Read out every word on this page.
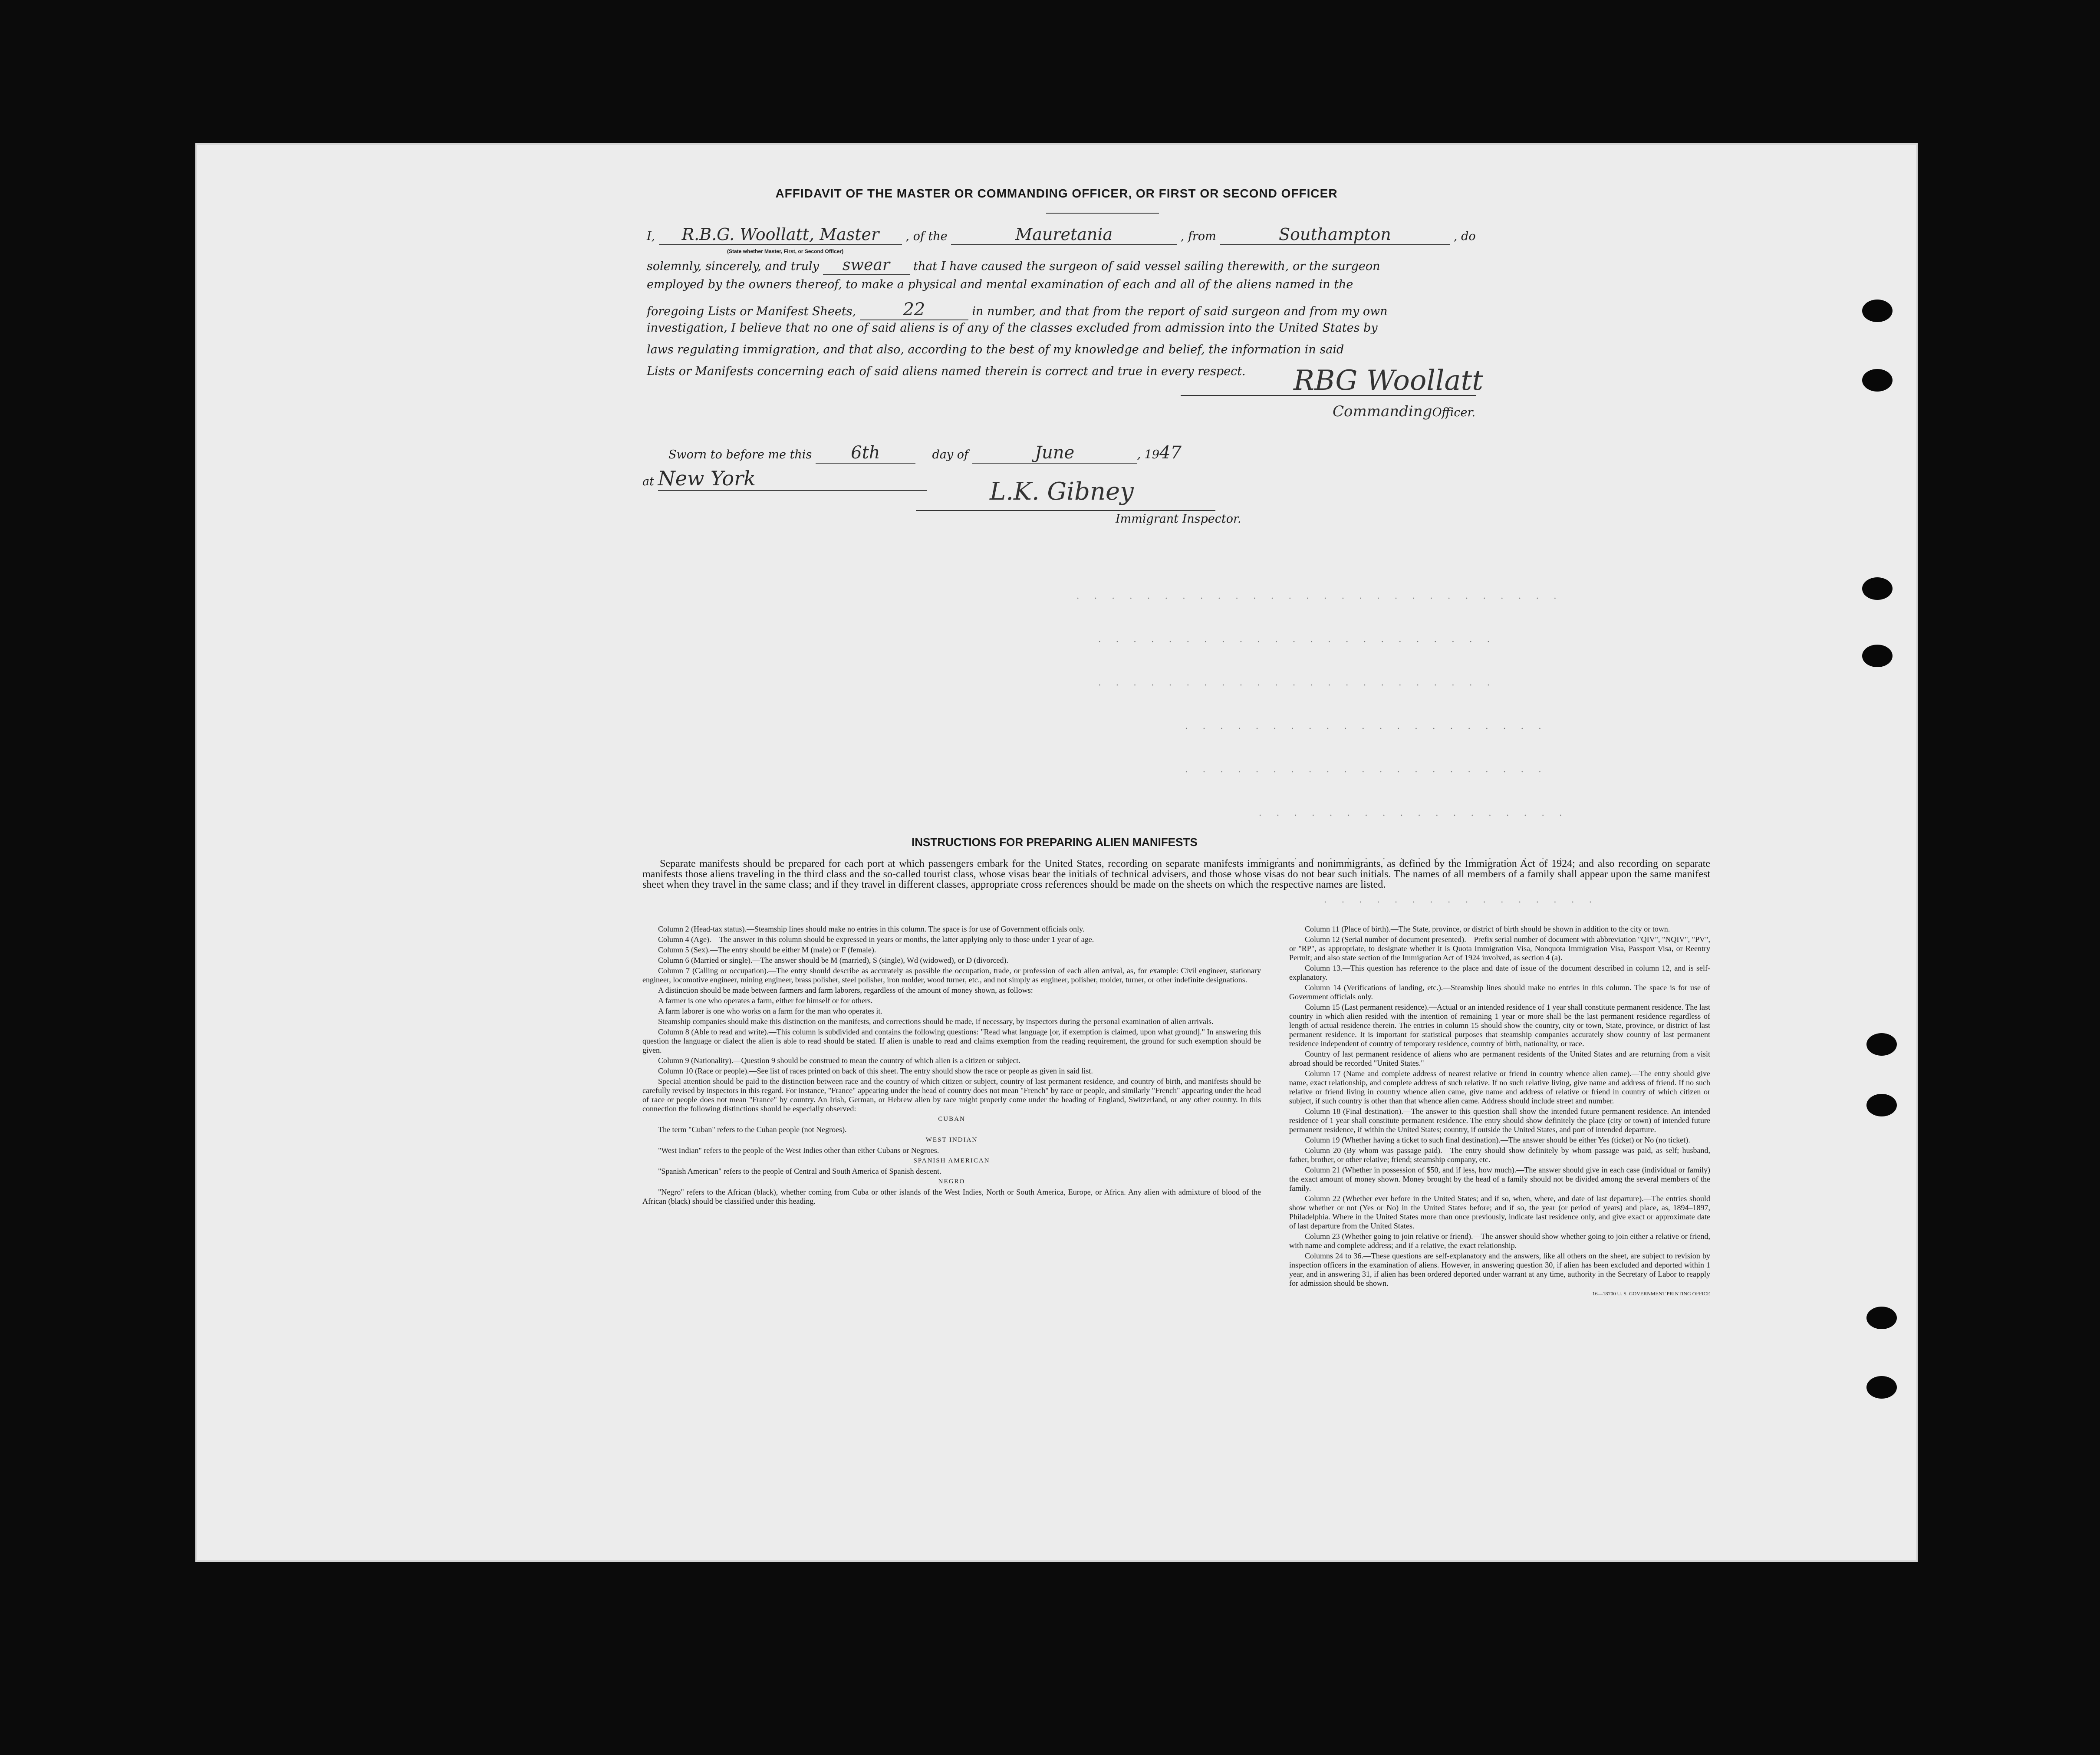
AFFIDAVIT OF THE MASTER OR COMMANDING OFFICER, OR FIRST OR SECOND OFFICER
I, R.B.G. Woollatt, Master , of the	Mauretania	, from	Southampton	, do
(State whether Master, First, or Second Officer)
solemnly, sincerely, and truly swear that I have caused the surgeon of said vessel sailing therewith, or the surgeon
employed by the owners thereof, to make a physical and mental examination of each and all of the aliens named in the
foregoing Lists or Manifest Sheets,	22	in number, and that from the report of said surgeon and from my own
investigation, I believe that no one of said aliens is of any of the classes excluded from admission into the United States by
laws regulating immigration, and that also, according to the best of my knowledge and belief, the information in said
Lists or Manifests concerning each of said aliens named therein is correct and true in every respect. RBG Woollatt
CommandingOfficer.
Sworn to before me this 6th	day of	June	, 1947
at New York	L.K. Gibney
Immigrant Inspector.
. . . . . . . . . . . . . . . . . . . . . . . . . . . .
. . . . . . . . . . . . . . . . . . . . . . .
. . . . . . . . . . . . . . . . . . . . . . .
. . . . . . . . . . . . . . . . . . . . .
. . . . . . . . . . . . . . . . . . . . .
. . . . . . . . . . . . . . . . . .
. . . . . . . . . . . . . . . . . .
. . . . . . . . . . . . . . . .
INSTRUCTIONS FOR PREPARING ALIEN MANIFESTS
Separate manifests should be prepared for each port at which passengers embark for the United States, recording on separate manifests immigrants and nonimmigrants, as defined by the Immigration Act of 1924; and also recording on separate manifests those aliens traveling in the third class and the so-called tourist class, whose visas bear the initials of technical advisers, and those whose visas do not bear such initials. The names of all members of a family shall appear upon the same manifest sheet when they travel in the same class; and if they travel in different classes, appropriate cross references should be made on the sheets on which the respective names are listed.

Column 2 (Head-tax status).—Steamship lines should make no entries in this column. The space is for use of Government officials only.

Column 4 (Age).—The answer in this column should be expressed in years or months, the latter applying only to those under 1 year of age.

Column 5 (Sex).—The entry should be either M (male) or F (female).

Column 6 (Married or single).—The answer should be M (married), S (single), Wd (widowed), or D (divorced).

Column 7 (Calling or occupation).—The entry should describe as accurately as possible the occupation, trade, or profession of each alien arrival, as, for example: Civil engineer, stationary engineer, locomotive engineer, mining engineer, brass polisher, steel polisher, iron molder, wood turner, etc., and not simply as engineer, polisher, molder, turner, or other indefinite designations.

A distinction should be made between farmers and farm laborers, regardless of the amount of money shown, as follows:

A farmer is one who operates a farm, either for himself or for others.

A farm laborer is one who works on a farm for the man who operates it.

Steamship companies should make this distinction on the manifests, and corrections should be made, if necessary, by inspectors during the personal examination of alien arrivals.

Column 8 (Able to read and write).—This column is subdivided and contains the following questions: "Read what language [or, if exemption is claimed, upon what ground]." In answering this question the language or dialect the alien is able to read should be stated. If alien is unable to read and claims exemption from the reading requirement, the ground for such exemption should be given.

Column 9 (Nationality).—Question 9 should be construed to mean the country of which alien is a citizen or subject.

Column 10 (Race or people).—See list of races printed on back of this sheet. The entry should show the race or people as given in said list.

Special attention should be paid to the distinction between race and the country of which citizen or subject, country of last permanent residence, and country of birth, and manifests should be carefully revised by inspectors in this regard. For instance, "France" appearing under the head of country does not mean "French" by race or people, and similarly "French" appearing under the head of race or people does not mean "France" by country. An Irish, German, or Hebrew alien by race might properly come under the heading of England, Switzerland, or any other country. In this connection the following distinctions should be especially observed:

CUBAN

The term "Cuban" refers to the Cuban people (not Negroes).

WEST INDIAN

"West Indian" refers to the people of the West Indies other than either Cubans or Negroes.

SPANISH AMERICAN

"Spanish American" refers to the people of Central and South America of Spanish descent.

NEGRO

"Negro" refers to the African (black), whether coming from Cuba or other islands of the West Indies, North or South America, Europe, or Africa. Any alien with admixture of blood of the African (black) should be classified under this heading.

Column 11 (Place of birth).—The State, province, or district of birth should be shown in addition to the city or town.

Column 12 (Serial number of document presented).—Prefix serial number of document with abbreviation "QIV", "NQIV", "PV", or "RP", as appropriate, to designate whether it is Quota Immigration Visa, Nonquota Immigration Visa, Passport Visa, or Reentry Permit; and also state section of the Immigration Act of 1924 involved, as section 4 (a).

Column 13.—This question has reference to the place and date of issue of the document described in column 12, and is self-explanatory.

Column 14 (Verifications of landing, etc.).—Steamship lines should make no entries in this column. The space is for use of Government officials only.

Column 15 (Last permanent residence).—Actual or an intended residence of 1 year shall constitute permanent residence. The last country in which alien resided with the intention of remaining 1 year or more shall be the last permanent residence regardless of length of actual residence therein. The entries in column 15 should show the country, city or town, State, province, or district of last permanent residence. It is important for statistical purposes that steamship companies accurately show country of last permanent residence independent of country of temporary residence, country of birth, nationality, or race.

Country of last permanent residence of aliens who are permanent residents of the United States and are returning from a visit abroad should be recorded "United States."

Column 17 (Name and complete address of nearest relative or friend in country whence alien came).—The entry should give name, exact relationship, and complete address of such relative. If no such relative living, give name and address of friend. If no such relative or friend living in country whence alien came, give name and address of relative or friend in country of which citizen or subject, if such country is other than that whence alien came. Address should include street and number.

Column 18 (Final destination).—The answer to this question shall show the intended future permanent residence. An intended residence of 1 year shall constitute permanent residence. The entry should show definitely the place (city or town) of intended future permanent residence, if within the United States; country, if outside the United States, and port of intended departure.

Column 19 (Whether having a ticket to such final destination).—The answer should be either Yes (ticket) or No (no ticket).

Column 20 (By whom was passage paid).—The entry should show definitely by whom passage was paid, as self; husband, father, brother, or other relative; friend; steamship company, etc.

Column 21 (Whether in possession of $50, and if less, how much).—The answer should give in each case (individual or family) the exact amount of money shown. Money brought by the head of a family should not be divided among the several members of the family.

Column 22 (Whether ever before in the United States; and if so, when, where, and date of last departure).—The entries should show whether or not (Yes or No) in the United States before; and if so, the year (or period of years) and place, as, 1894–1897, Philadelphia. Where in the United States more than once previously, indicate last residence only, and give exact or approximate date of last departure from the United States.

Column 23 (Whether going to join relative or friend).—The answer should show whether going to join either a relative or friend, with name and complete address; and if a relative, the exact relationship.

Columns 24 to 36.—These questions are self-explanatory and the answers, like all others on the sheet, are subject to revision by inspection officers in the examination of aliens. However, in answering question 30, if alien has been excluded and deported within 1 year, and in answering 31, if alien has been ordered deported under warrant at any time, authority in the Secretary of Labor to reapply for admission should be shown.

16—18700 U. S. GOVERNMENT PRINTING OFFICE
